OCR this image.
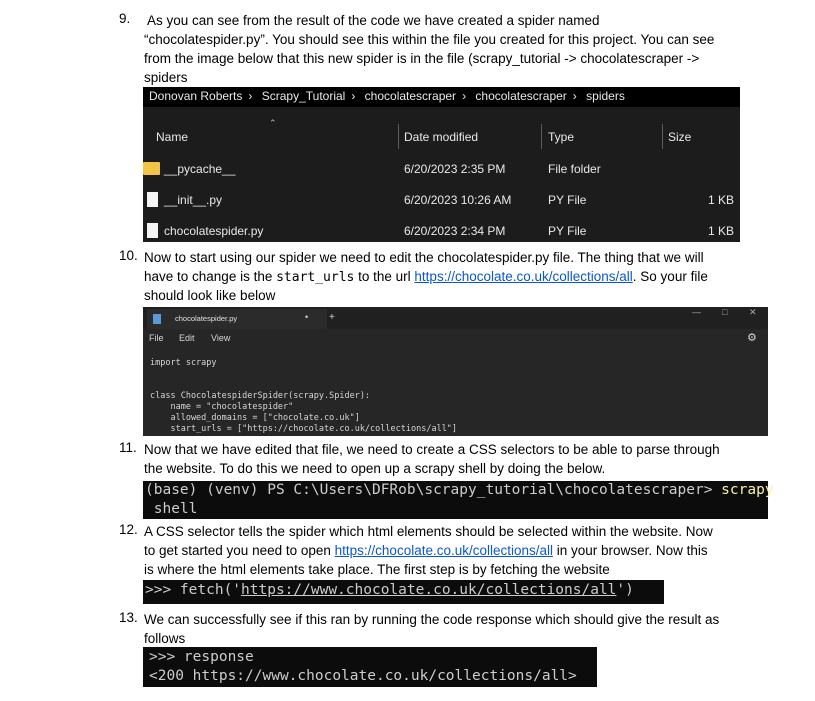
9. As you can see from the result of the code we have created a spider named
“chocolatespider.py”. You should see this within the file you created for this project. You can see
from the image below that this new spider is in the file (scrapy_tutorial -> chocolatescraper ->
spiders
Donovan Roberts › Scrapy_Tutorial › chocolatescraper › chocolatescraper › spiders
⌃
Name	Date modified	Type	Size
__pycache__	6/20/2023 2:35 PM	File folder
__init__.py	6/20/2023 10:26 AM	PY File	1 KB
chocolatespider.py	6/20/2023 2:34 PM	PY File	1 KB
10. Now to start using our spider we need to edit the chocolatespider.py file. The thing that we will
have to change is the start_urls to the url https://chocolate.co.uk/collections/all. So your file
should look like below
chocolatespider.py	• +	— □ ✕
File Edit View	⚙
import scrapy
class ChocolatespiderSpider(scrapy.Spider):
name = "chocolatespider"
allowed_domains = ["chocolate.co.uk"]
start_urls = ["https://chocolate.co.uk/collections/all"]
11. Now that we have edited that file, we need to create a CSS selectors to be able to parse through
the website. To do this we need to open up a scrapy shell by doing the below.
(base) (venv) PS C:\Users\DFRob\scrapy_tutorial\chocolatescraper> scrapy
shell
12. A CSS selector tells the spider which html elements should be selected within the website. Now
to get started you need to open https://chocolate.co.uk/collections/all in your browser. Now this
is where the html elements take place. The first step is by fetching the website
>>> fetch('https://www.chocolate.co.uk/collections/all')
13. We can successfully see if this ran by running the code response which should give the result as
follows
>>> response
<200 https://www.chocolate.co.uk/collections/all>
